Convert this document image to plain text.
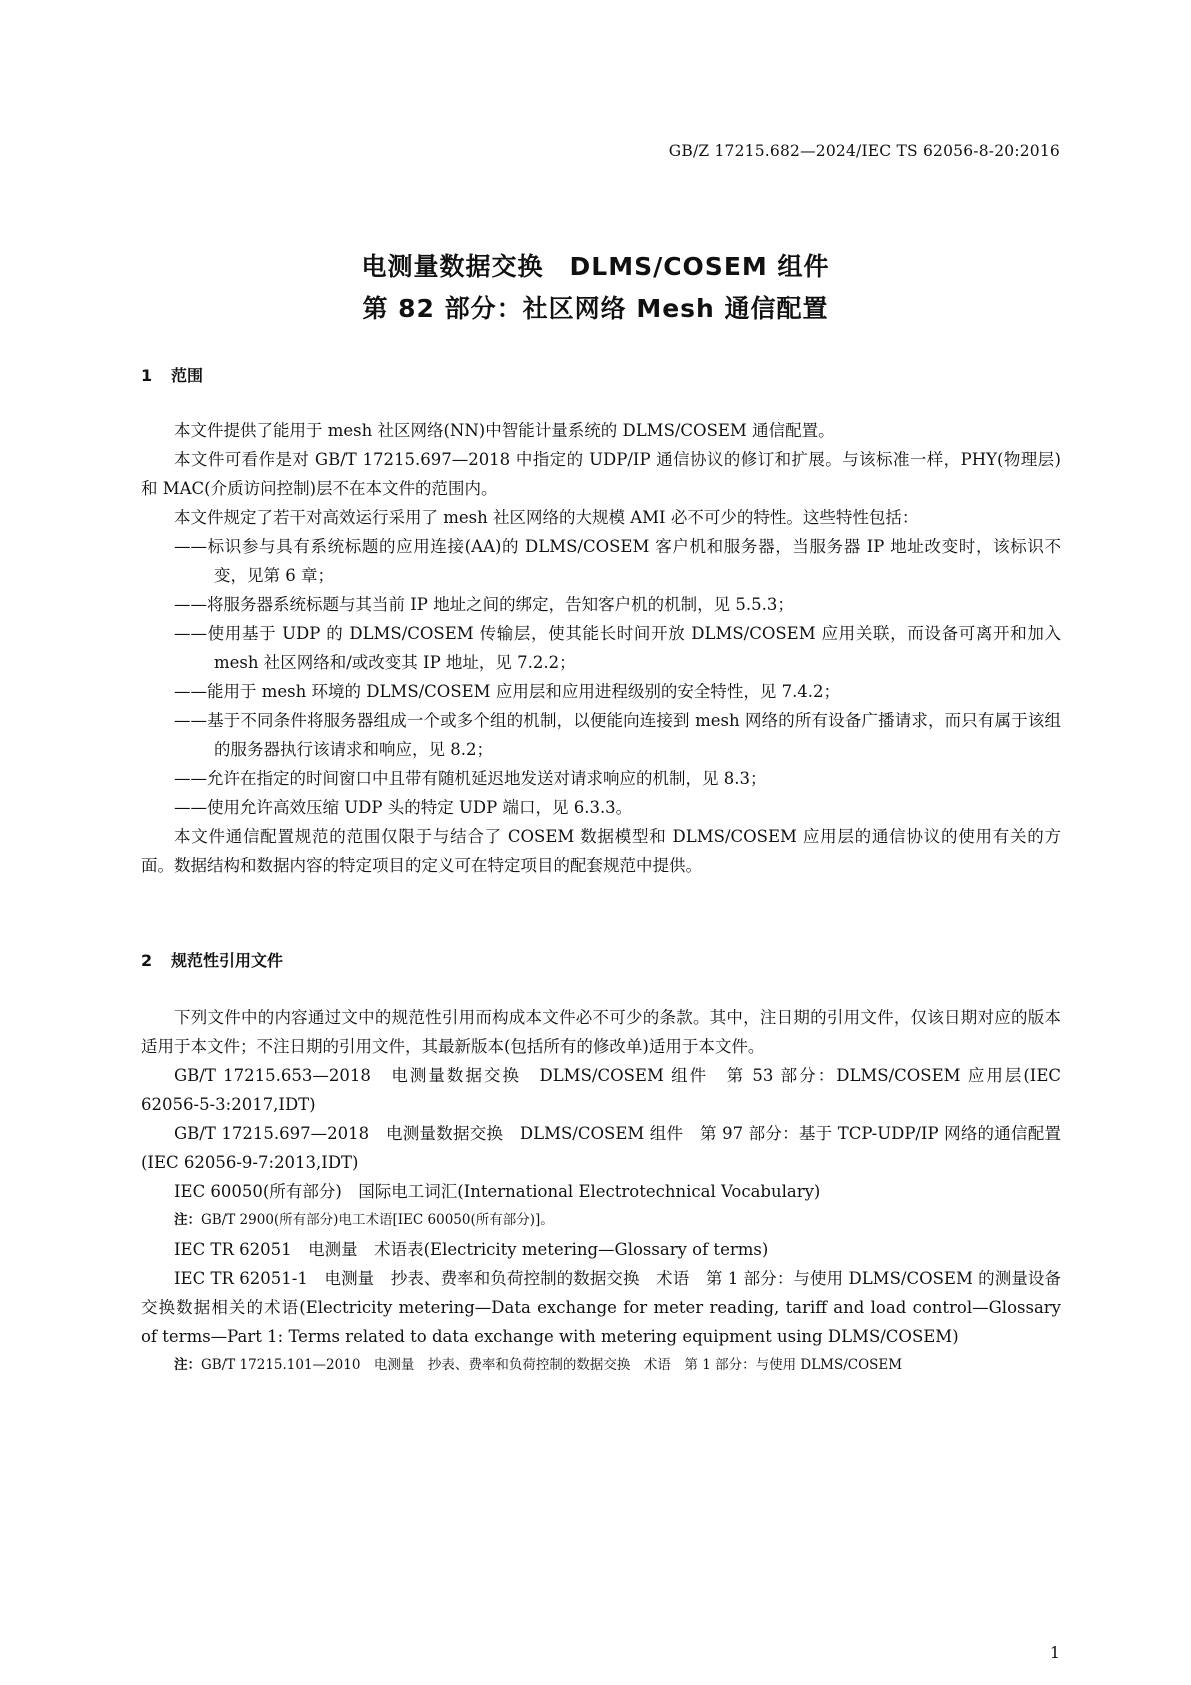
GB/Z 17215.682—2024/IEC TS 62056-8-20:2016
电测量数据交换　DLMS/COSEM 组件
第 82 部分：社区网络 Mesh 通信配置
1 范围

本文件提供了能用于 mesh 社区网络(NN)中智能计量系统的 DLMS/COSEM 通信配置。

本文件可看作是对 GB/T 17215.697—2018 中指定的 UDP/IP 通信协议的修订和扩展。与该标准一样，PHY(物理层)和 MAC(介质访问控制)层不在本文件的范围内。

本文件规定了若干对高效运行采用了 mesh 社区网络的大规模 AMI 必不可少的特性。这些特性包括：

——标识参与具有系统标题的应用连接(AA)的 DLMS/COSEM 客户机和服务器，当服务器 IP 地址改变时，该标识不变，见第 6 章；

——将服务器系统标题与其当前 IP 地址之间的绑定，告知客户机的机制，见 5.5.3；

——使用基于 UDP 的 DLMS/COSEM 传输层，使其能长时间开放 DLMS/COSEM 应用关联，而设备可离开和加入 mesh 社区网络和/或改变其 IP 地址，见 7.2.2；

——能用于 mesh 环境的 DLMS/COSEM 应用层和应用进程级别的安全特性，见 7.4.2；

——基于不同条件将服务器组成一个或多个组的机制，以便能向连接到 mesh 网络的所有设备广播请求，而只有属于该组的服务器执行该请求和响应，见 8.2；

——允许在指定的时间窗口中且带有随机延迟地发送对请求响应的机制，见 8.3；

——使用允许高效压缩 UDP 头的特定 UDP 端口，见 6.3.3。

本文件通信配置规范的范围仅限于与结合了 COSEM 数据模型和 DLMS/COSEM 应用层的通信协议的使用有关的方面。数据结构和数据内容的特定项目的定义可在特定项目的配套规范中提供。

2 规范性引用文件

下列文件中的内容通过文中的规范性引用而构成本文件必不可少的条款。其中，注日期的引用文件，仅该日期对应的版本适用于本文件；不注日期的引用文件，其最新版本(包括所有的修改单)适用于本文件。

GB/T 17215.653—2018　电测量数据交换　DLMS/COSEM 组件　第 53 部分：DLMS/COSEM 应用层(IEC 62056-5-3:2017,IDT)

GB/T 17215.697—2018　电测量数据交换　DLMS/COSEM 组件　第 97 部分：基于 TCP-UDP/IP 网络的通信配置(IEC 62056-9-7:2013,IDT)

IEC 60050(所有部分)　国际电工词汇(International Electrotechnical Vocabulary)

注：GB/T 2900(所有部分)电工术语[IEC 60050(所有部分)]。

IEC TR 62051　电测量　术语表(Electricity metering—Glossary of terms)

IEC TR 62051-1　电测量　抄表、费率和负荷控制的数据交换　术语　第 1 部分：与使用 DLMS/COSEM 的测量设备交换数据相关的术语(Electricity metering—Data exchange for meter reading, tariff and load control—Glossary of terms—Part 1: Terms related to data exchange with metering equipment using DLMS/COSEM)

注：GB/T 17215.101—2010　电测量　抄表、费率和负荷控制的数据交换　术语　第 1 部分：与使用 DLMS/COSEM

1
